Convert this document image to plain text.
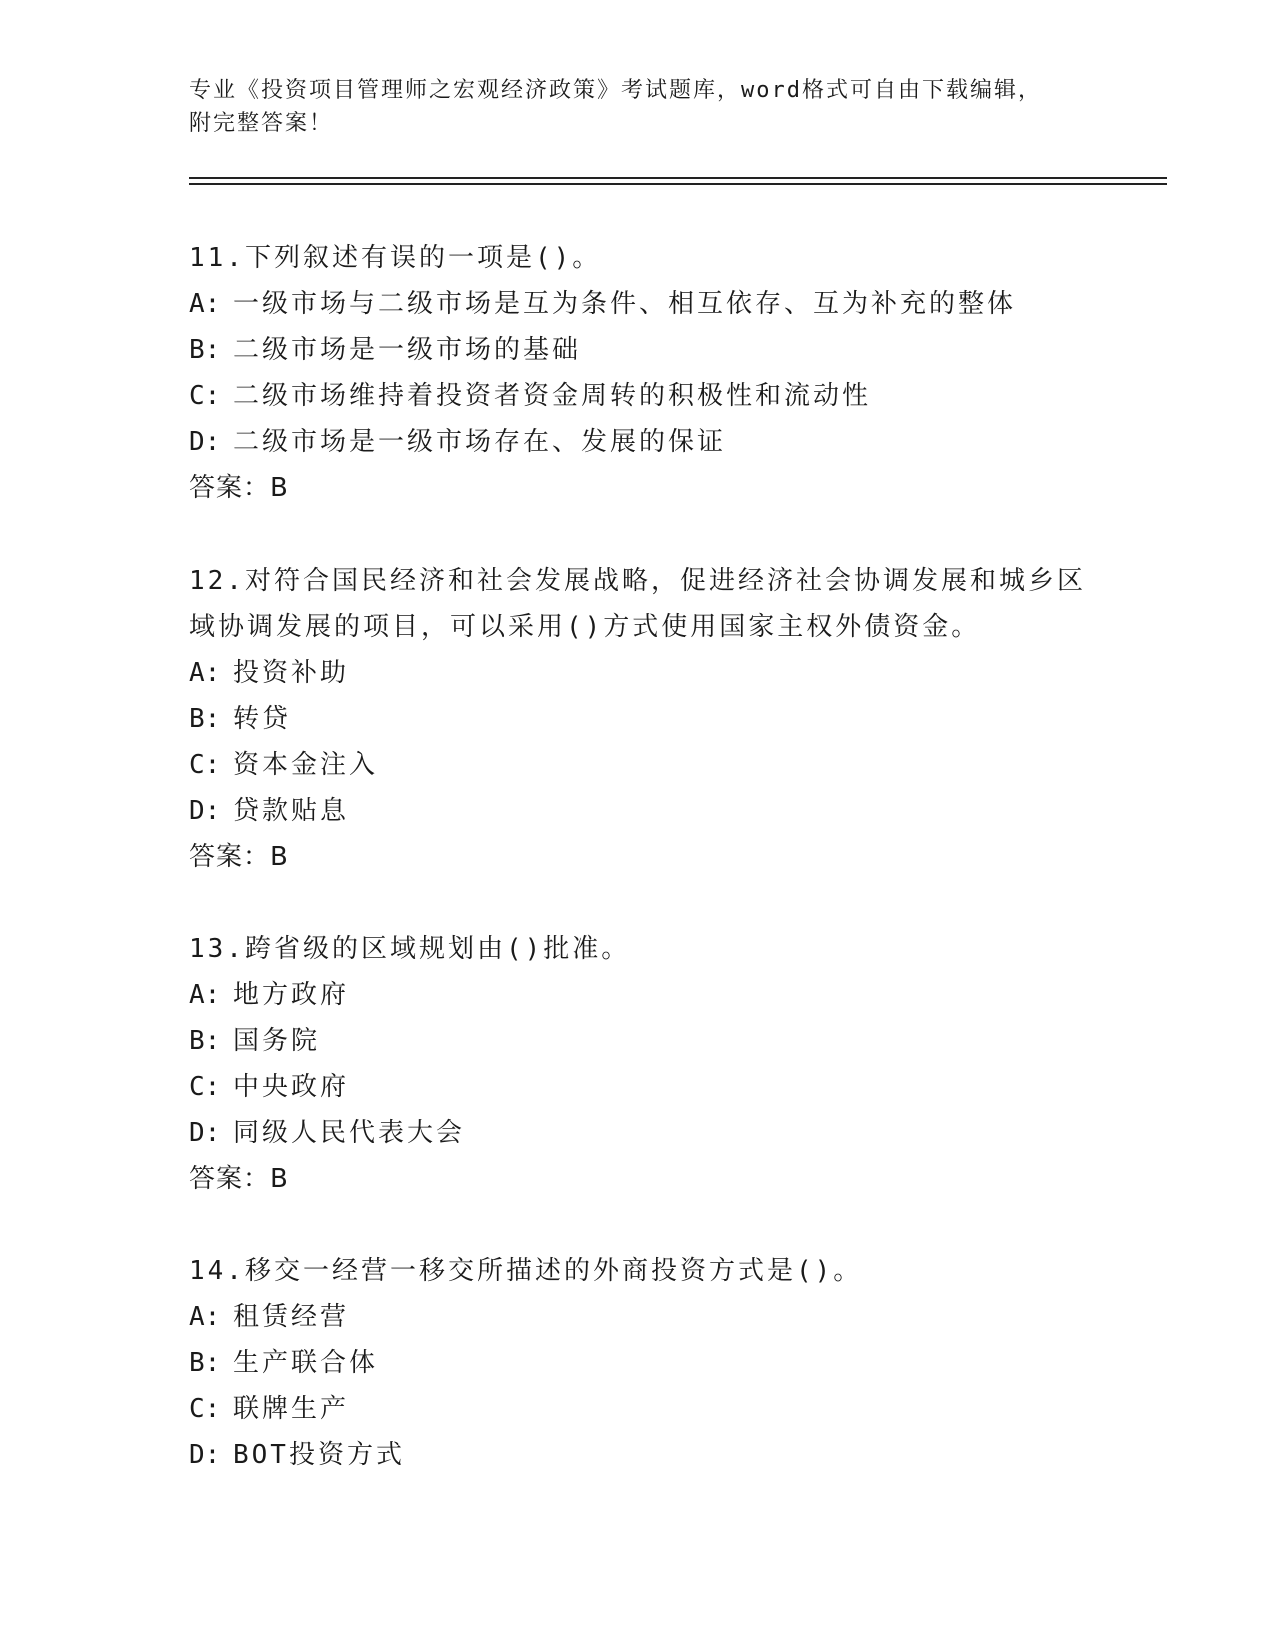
专业《投资项目管理师之宏观经济政策》考试题库，word格式可自由下载编辑，
附完整答案！
11.下列叙述有误的一项是()。
A: 一级市场与二级市场是互为条件、相互依存、互为补充的整体
B: 二级市场是一级市场的基础
C: 二级市场维持着投资者资金周转的积极性和流动性
D: 二级市场是一级市场存在、发展的保证
答案：B
12.对符合国民经济和社会发展战略，促进经济社会协调发展和城乡区域协调发展的项目，可以采用()方式使用国家主权外债资金。
A: 投资补助
B: 转贷
C: 资本金注入
D: 贷款贴息
答案：B
13.跨省级的区域规划由()批准。
A: 地方政府
B: 国务院
C: 中央政府
D: 同级人民代表大会
答案：B
14.移交一经营一移交所描述的外商投资方式是()。
A: 租赁经营
B: 生产联合体
C: 联牌生产
D: BOT投资方式
